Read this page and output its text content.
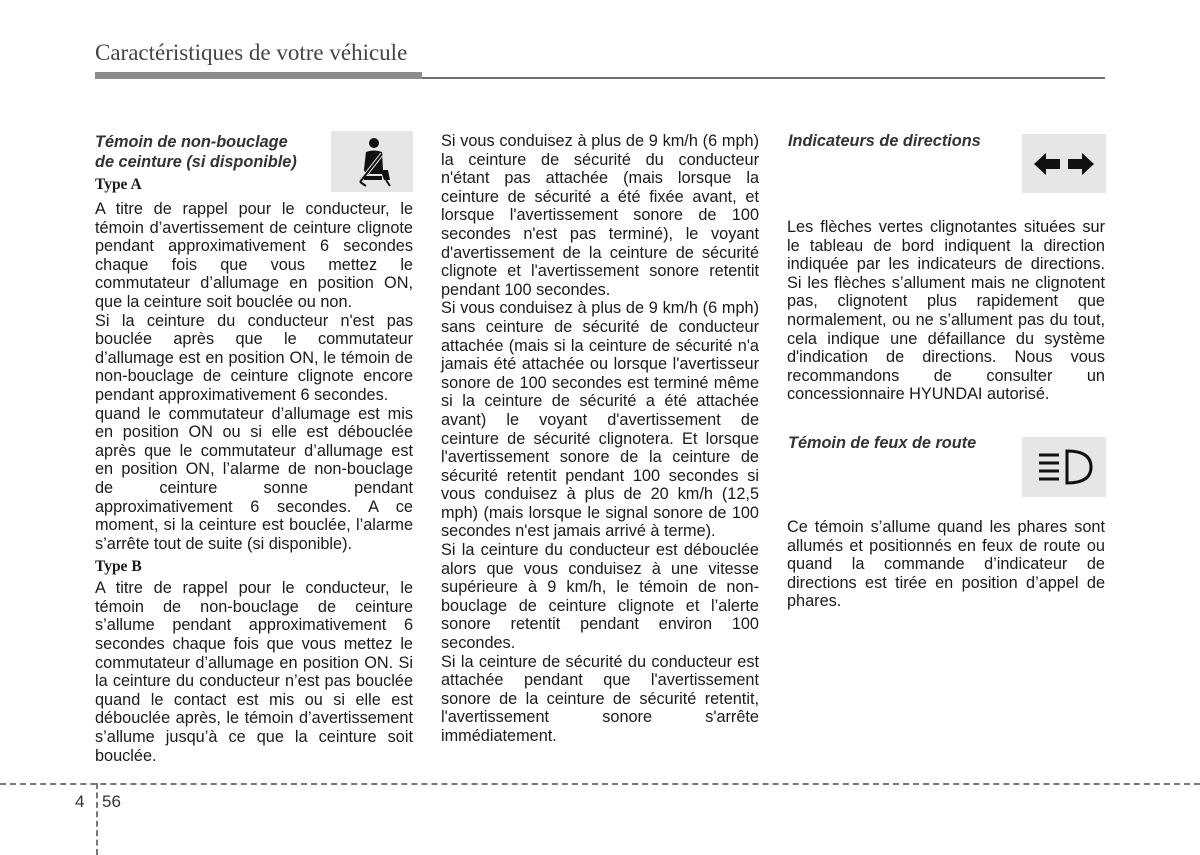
Caractéristiques de votre véhicule

Témoin de non-bouclage

de ceinture (si disponible)

Type A

A titre de rappel pour le conducteur, le témoin d’avertissement de ceinture clignote pendant approximativement 6 secondes chaque fois que vous mettez le commutateur d’allumage en position ON, que la ceinture soit bouclée ou non.

Si la ceinture du conducteur n'est pas bouclée après que le commutateur d’allumage est en position ON, le témoin de non-bouclage de ceinture clignote encore pendant approximativement 6 secondes.

quand le commutateur d’allumage est mis en position ON ou si elle est débouclée après que le commutateur d’allumage est en position ON, l’alarme de non-bouclage de ceinture sonne pendant approximativement 6 secondes. A ce moment, si la ceinture est bouclée, l’alarme s’arrête tout de suite (si disponible).

Type B

A titre de rappel pour le conducteur, le témoin de non-bouclage de ceinture s’allume pendant approximativement 6 secondes chaque fois que vous mettez le commutateur d’allumage en position ON. Si la ceinture du conducteur n’est pas bouclée quand le contact est mis ou si elle est débouclée après, le témoin d’avertissement s’allume jusqu’à ce que la ceinture soit bouclée.

Si vous conduisez à plus de 9 km/h (6 mph) la ceinture de sécurité du conducteur n'étant pas attachée (mais lorsque la ceinture de sécurité a été fixée avant, et lorsque l'avertissement sonore de 100 secondes n'est pas terminé), le voyant d'avertissement de la ceinture de sécurité clignote et l'avertissement sonore retentit pendant 100 secondes.

Si vous conduisez à plus de 9 km/h (6 mph) sans ceinture de sécurité de conducteur attachée (mais si la ceinture de sécurité n'a jamais été attachée ou lorsque l'avertisseur sonore de 100 secondes est terminé même si la ceinture de sécurité a été attachée avant) le voyant d'avertissement de ceinture de sécurité clignotera. Et lorsque l'avertissement sonore de la ceinture de sécurité retentit pendant 100 secondes si vous conduisez à plus de 20 km/h (12,5 mph) (mais lorsque le signal sonore de 100 secondes n'est jamais arrivé à terme).

Si la ceinture du conducteur est débouclée alors que vous conduisez à une vitesse supérieure à 9 km/h, le témoin de non-bouclage de ceinture clignote et l’alerte sonore retentit pendant environ 100 secondes.

Si la ceinture de sécurité du conducteur est attachée pendant que l'avertissement sonore de la ceinture de sécurité retentit, l'avertissement sonore s'arrête immédiatement.

Indicateurs de directions

Les flèches vertes clignotantes situées sur le tableau de bord indiquent la direction indiquée par les indicateurs de directions. Si les flèches s’allument mais ne clignotent pas, clignotent plus rapidement que normalement, ou ne s’allument pas du tout, cela indique une défaillance du système d'indication de directions. Nous vous recommandons de consulter un concessionnaire HYUNDAI autorisé.

Témoin de feux de route

Ce témoin s’allume quand les phares sont allumés et positionnés en feux de route ou quand la commande d’indicateur de directions est tirée en position d’appel de phares.

4 56
